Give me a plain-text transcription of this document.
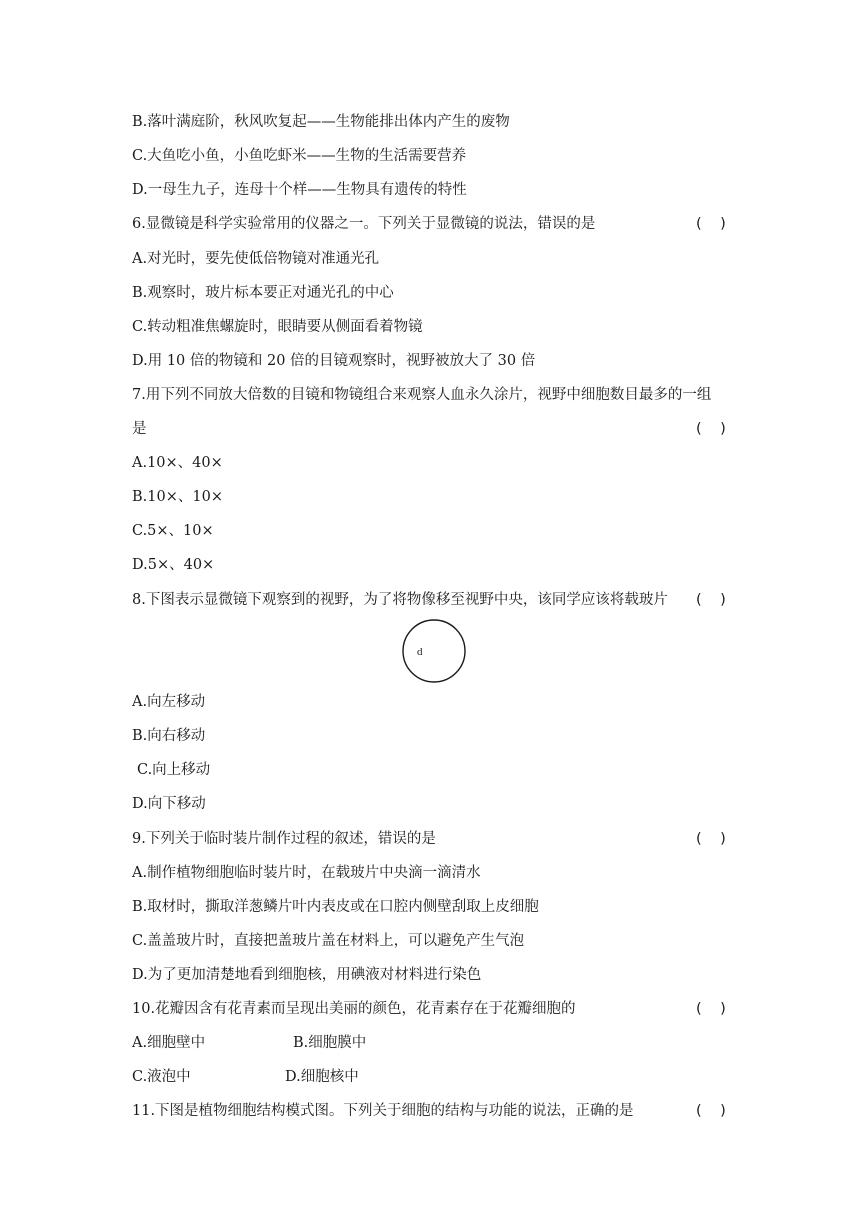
B.落叶满庭阶，秋风吹复起——生物能排出体内产生的废物
C.大鱼吃小鱼，小鱼吃虾米——生物的生活需要营养
D.一母生九子，连母十个样——生物具有遗传的特性
6.显微镜是科学实验常用的仪器之一。下列关于显微镜的说法，错误的是	(    )
A.对光时，要先使低倍物镜对准通光孔
B.观察时，玻片标本要正对通光孔的中心
C.转动粗准焦螺旋时，眼睛要从侧面看着物镜
D.用 10 倍的物镜和 20 倍的目镜观察时，视野被放大了 30 倍
7.用下列不同放大倍数的目镜和物镜组合来观察人血永久涂片，视野中细胞数目最多的一组
是	(    )
A.10×、40×
B.10×、10×
C.5×、10×
D.5×、40×
8.下图表示显微镜下观察到的视野，为了将物像移至视野中央，该同学应该将载玻片 (    )
d
A.向左移动
B.向右移动
C.向上移动
D.向下移动
9.下列关于临时装片制作过程的叙述，错误的是	(    )
A.制作植物细胞临时装片时，在载玻片中央滴一滴清水
B.取材时，撕取洋葱鳞片叶内表皮或在口腔内侧壁刮取上皮细胞
C.盖盖玻片时，直接把盖玻片盖在材料上，可以避免产生气泡
D.为了更加清楚地看到细胞核，用碘液对材料进行染色
10.花瓣因含有花青素而呈现出美丽的颜色，花青素存在于花瓣细胞的	(    )
A.细胞壁中	B.细胞膜中
C.液泡中	D.细胞核中
11.下图是植物细胞结构模式图。下列关于细胞的结构与功能的说法，正确的是	(    )
